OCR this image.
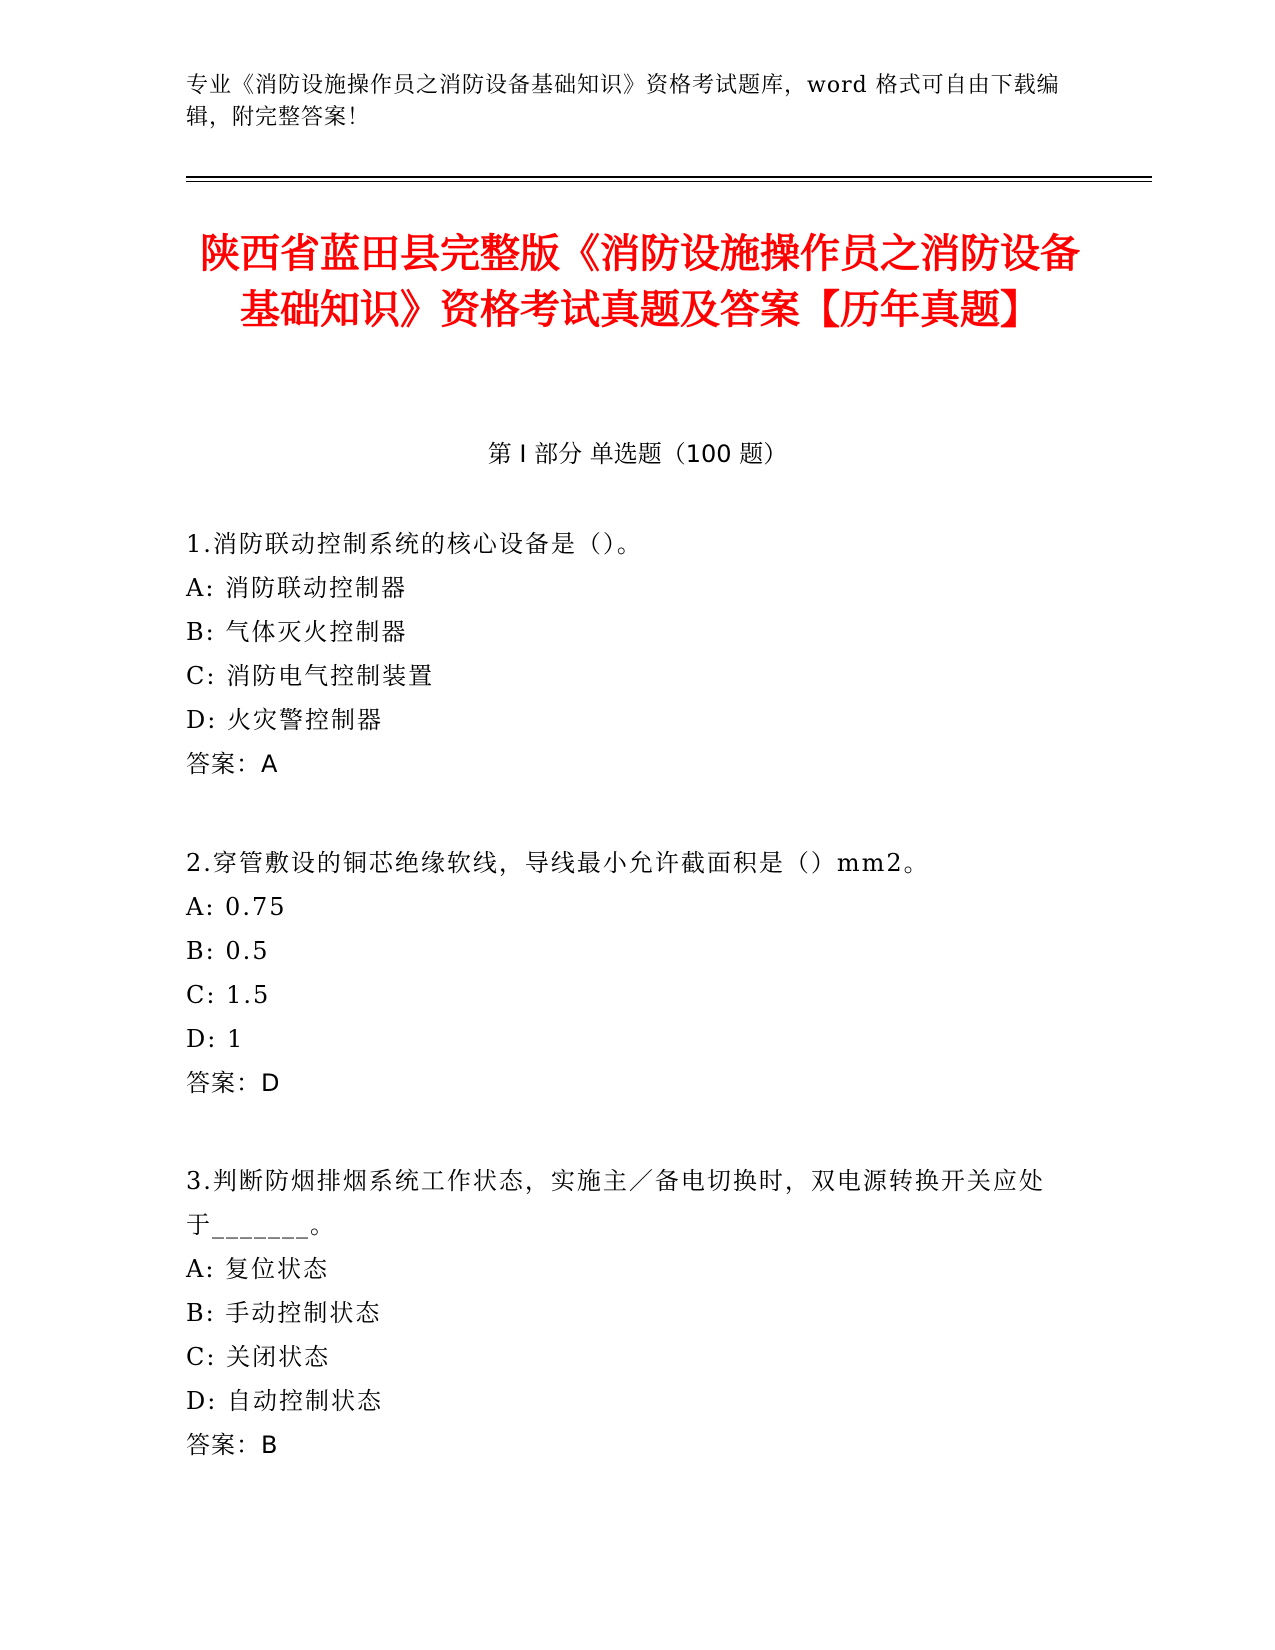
专业《消防设施操作员之消防设备基础知识》资格考试题库，word 格式可自由下载编辑，附完整答案！
陕西省蓝田县完整版《消防设施操作员之消防设备基础知识》资格考试真题及答案【历年真题】
第 I 部分 单选题（100 题）
1.消防联动控制系统的核心设备是（）。
A: 消防联动控制器
B: 气体灭火控制器
C: 消防电气控制装置
D: 火灾警控制器
答案：A
2.穿管敷设的铜芯绝缘软线，导线最小允许截面积是（）mm2。
A: 0.75
B: 0.5
C: 1.5
D: 1
答案：D
3.判断防烟排烟系统工作状态，实施主／备电切换时，双电源转换开关应处于_______。
A: 复位状态
B: 手动控制状态
C: 关闭状态
D: 自动控制状态
答案：B
